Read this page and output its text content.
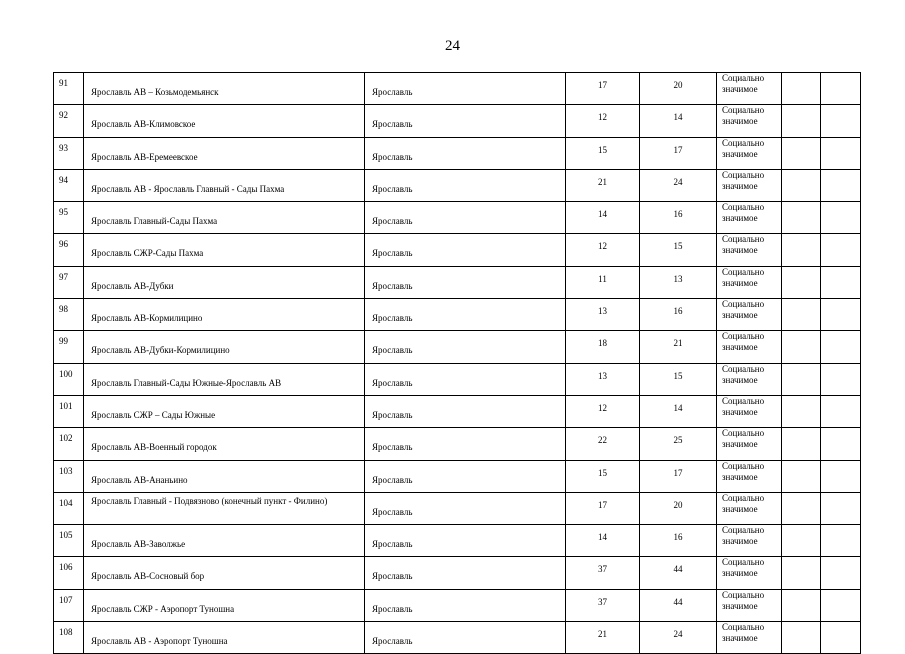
24
91	Ярославль АВ – Козьмодемьянск	Ярославль	17	20	Социально значимое		

92	Ярославль АВ-Климовское	Ярославль	12	14	Социально значимое		

93	Ярославль АВ-Еремеевское	Ярославль	15	17	Социально значимое		

94	Ярославль АВ - Ярославль Главный - Сады Пахма	Ярославль	21	24	Социально значимое		

95	Ярославль Главный-Сады Пахма	Ярославль	14	16	Социально значимое		

96	Ярославль СЖР-Сады Пахма	Ярославль	12	15	Социально значимое		

97	Ярославль АВ-Дубки	Ярославль	11	13	Социально значимое		

98	Ярославль АВ-Кормилицино	Ярославль	13	16	Социально значимое		

99	Ярославль АВ-Дубки-Кормилицино	Ярославль	18	21	Социально значимое		

100	Ярославль Главный-Сады Южные-Ярославль АВ	Ярославль	13	15	Социально значимое		

101	Ярославль СЖР – Сады Южные	Ярославль	12	14	Социально значимое		

102	Ярославль АВ-Военный городок	Ярославль	22	25	Социально значимое		

103	Ярославль АВ-Ананьино	Ярославль	15	17	Социально значимое		

104	Ярославль Главный - Подвязново (конечный пункт - Филино)	Ярославль	17	20	Социально значимое		

105	Ярославль АВ-Заволжье	Ярославль	14	16	Социально значимое		

106	Ярославль АВ-Сосновый бор	Ярославль	37	44	Социально значимое		

107	Ярославль СЖР - Аэропорт Туношна	Ярославль	37	44	Социально значимое		

108	Ярославль АВ - Аэропорт Туношна	Ярославль	21	24	Социально значимое		
